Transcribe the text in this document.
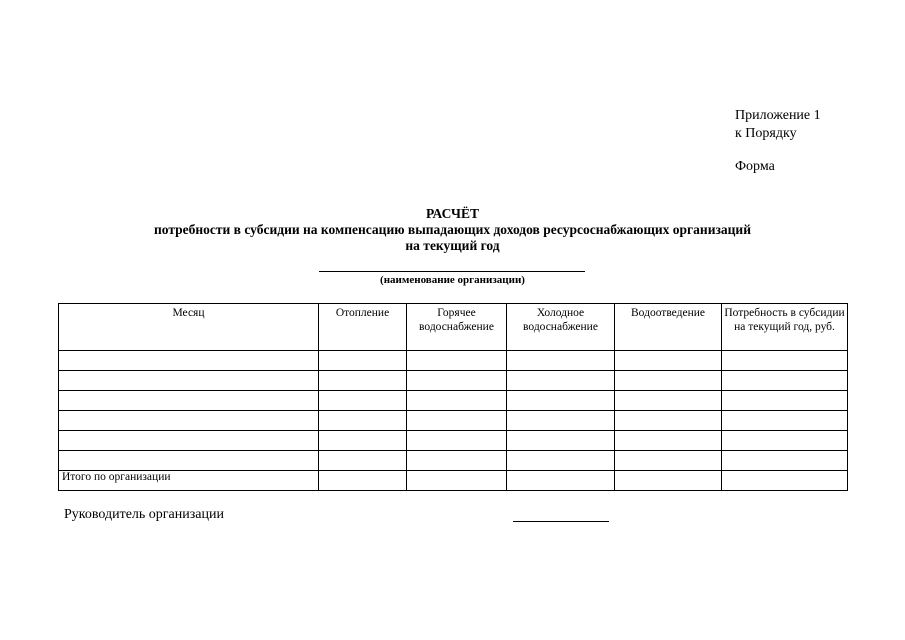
Приложение 1
к Порядку
Форма
РАСЧЁТ
потребности в субсидии на компенсацию выпадающих доходов ресурсоснабжающих организаций
на текущий год
(наименование организации)
Месяц	Отопление	Горячее водоснабжение	Холодное водоснабжение	Водоотведение	Потребность в субсидии на текущий год, руб.

Итого по организации					
Руководитель организации
